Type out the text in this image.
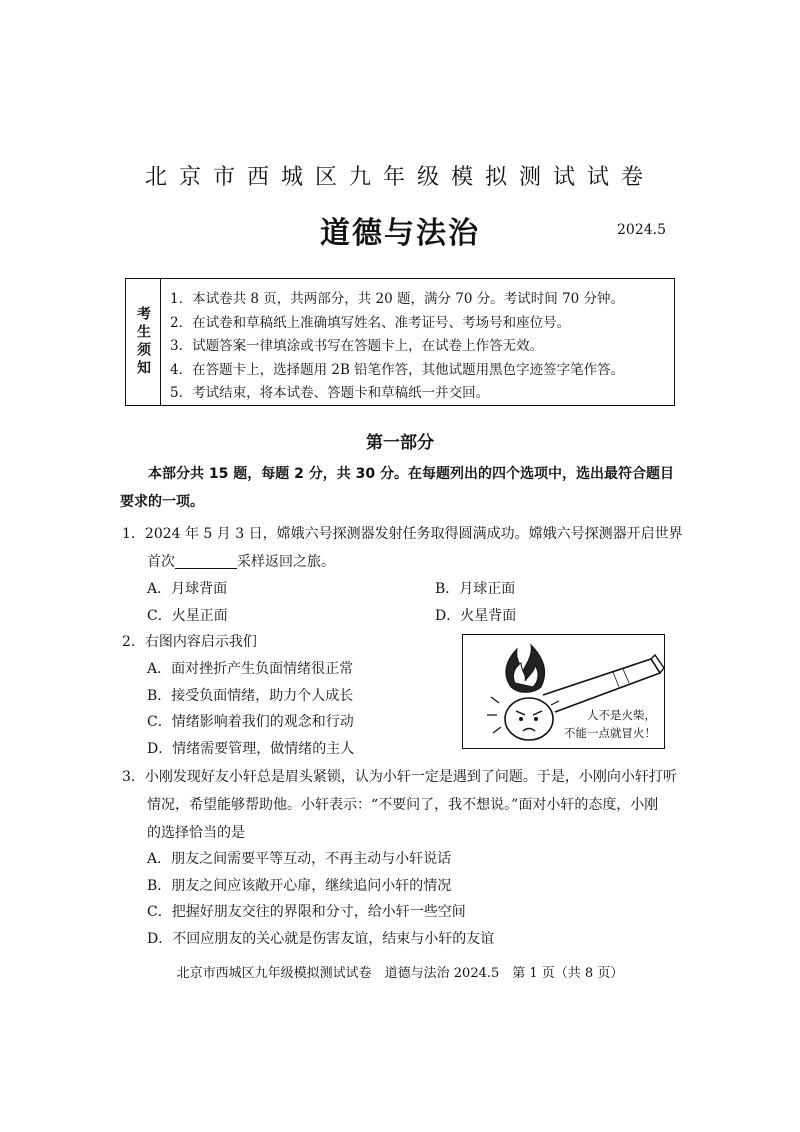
北京市西城区九年级模拟测试试卷
道德与法治	2024.5
考生须知
1．本试卷共 8 页，共两部分，共 20 题，满分 70 分。考试时间 70 分钟。
2．在试卷和草稿纸上准确填写姓名、准考证号、考场号和座位号。
3．试题答案一律填涂或书写在答题卡上，在试卷上作答无效。
4．在答题卡上，选择题用 2B 铅笔作答，其他试题用黑色字迹签字笔作答。
5．考试结束，将本试卷、答题卡和草稿纸一并交回。
第一部分
本部分共 15 题，每题 2 分，共 30 分。在每题列出的四个选项中，选出最符合题目要求的一项。
1．2024 年 5 月 3 日，嫦娥六号探测器发射任务取得圆满成功。嫦娥六号探测器开启世界
首次	采样返回之旅。
A．月球背面	B．月球正面
C．火星正面	D．火星背面
2．右图内容启示我们
A．面对挫折产生负面情绪很正常
B．接受负面情绪，助力个人成长
C．情绪影响着我们的观念和行动
D．情绪需要管理，做情绪的主人
人不是火柴，
不能一点就冒火！
3．小刚发现好友小轩总是眉头紧锁，认为小轩一定是遇到了问题。于是，小刚向小轩打听
情况，希望能够帮助他。小轩表示：“不要问了，我不想说。”面对小轩的态度，小刚
的选择恰当的是
A．朋友之间需要平等互动，不再主动与小轩说话
B．朋友之间应该敞开心扉，继续追问小轩的情况
C．把握好朋友交往的界限和分寸，给小轩一些空间
D．不回应朋友的关心就是伤害友谊，结束与小轩的友谊
北京市西城区九年级模拟测试试卷　道德与法治 2024.5　第 1 页（共 8 页）
